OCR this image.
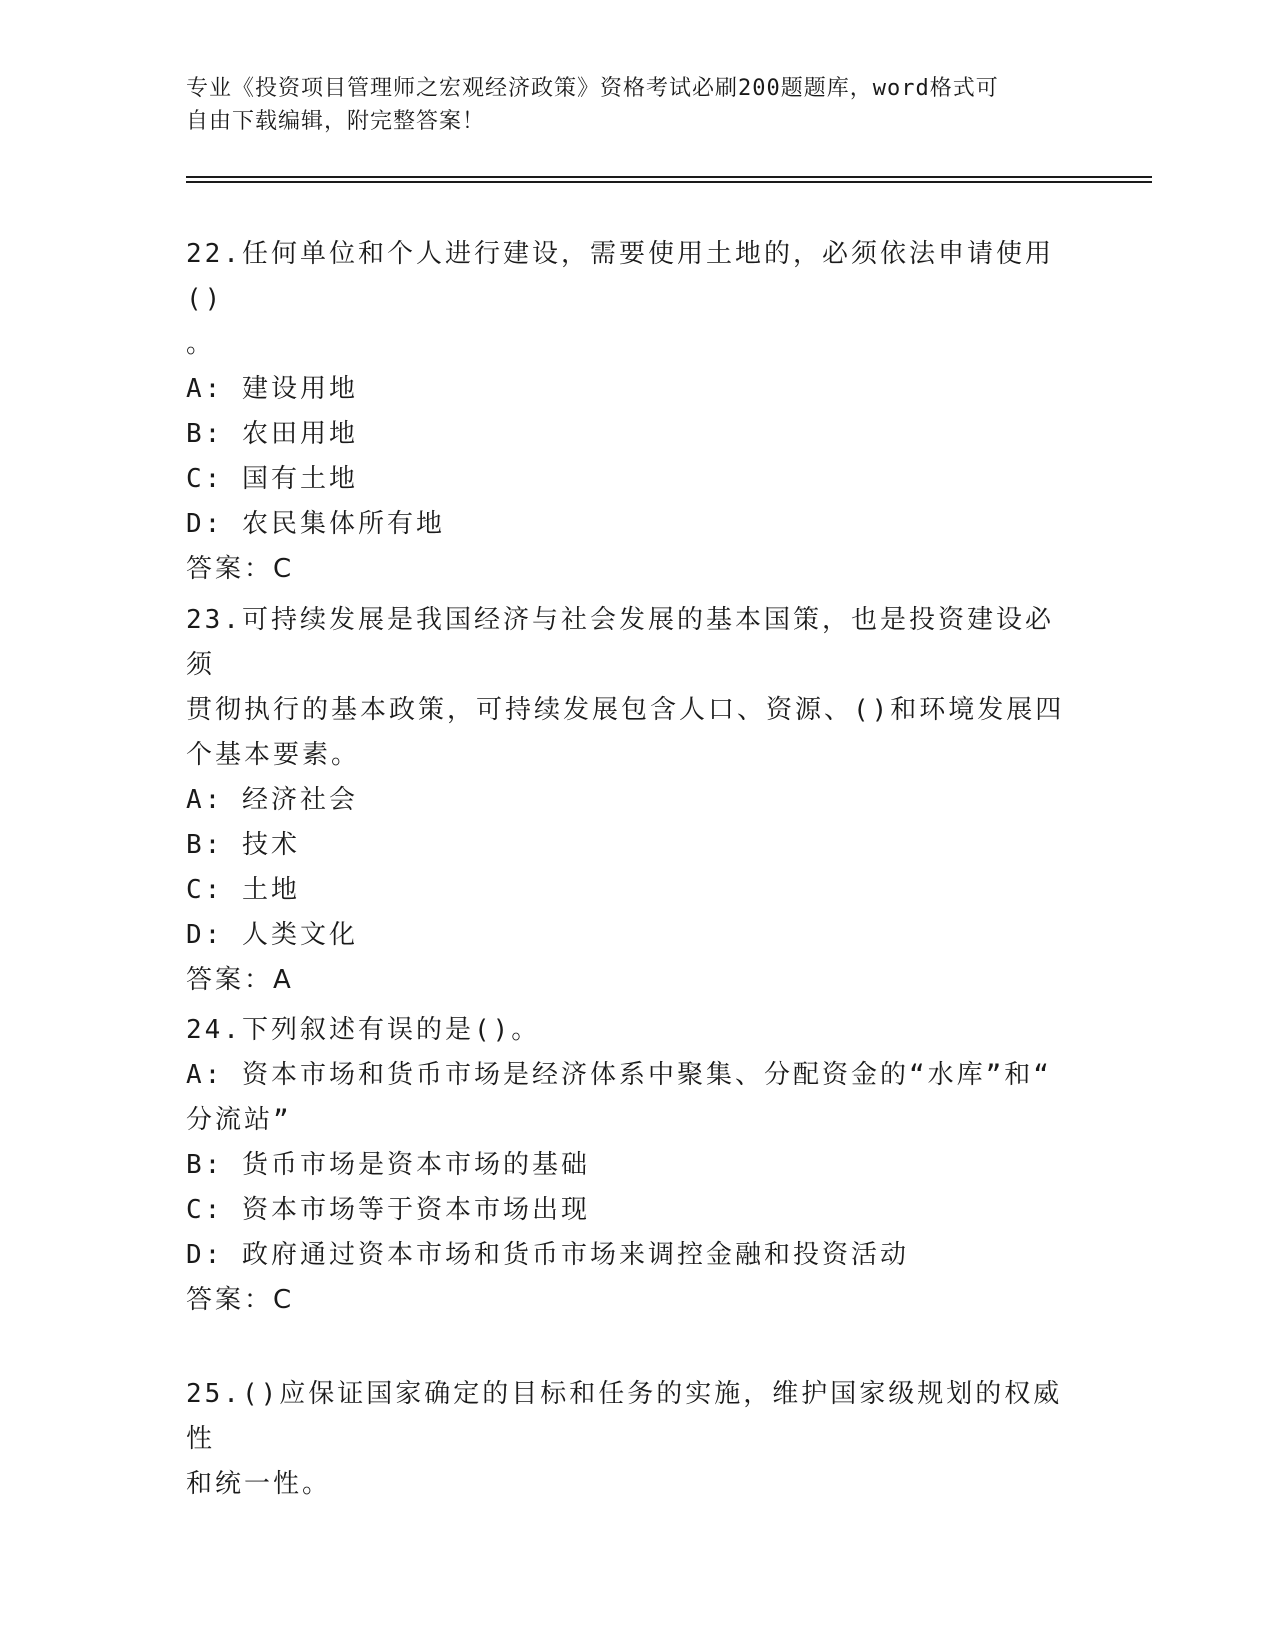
专业《投资项目管理师之宏观经济政策》资格考试必刷200题题库，word格式可
自由下载编辑，附完整答案！

22.任何单位和个人进行建设，需要使用土地的，必须依法申请使用()

。

A: 建设用地

B: 农田用地

C: 国有土地

D: 农民集体所有地

答案：C

23.可持续发展是我国经济与社会发展的基本国策，也是投资建设必须

贯彻执行的基本政策，可持续发展包含人口、资源、()和环境发展四

个基本要素。

A: 经济社会

B: 技术

C: 土地

D: 人类文化

答案：A

24.下列叙述有误的是()。

A: 资本市场和货币市场是经济体系中聚集、分配资金的“水库”和“

分流站”

B: 货币市场是资本市场的基础

C: 资本市场等于资本市场出现

D: 政府通过资本市场和货币市场来调控金融和投资活动

答案：C

25.()应保证国家确定的目标和任务的实施，维护国家级规划的权威性

和统一性。
